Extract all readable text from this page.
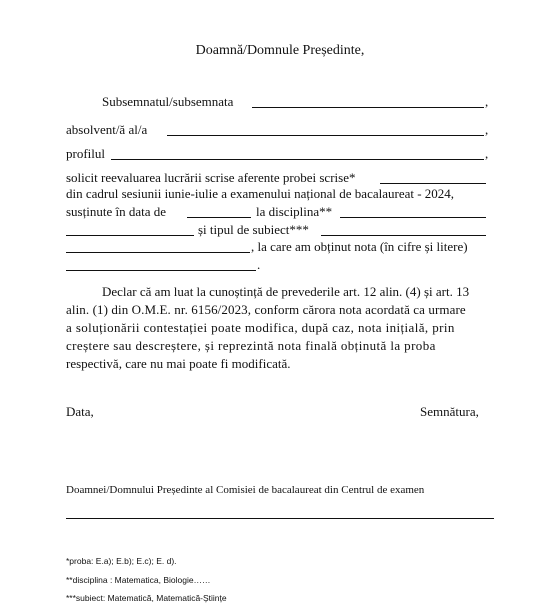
Doamnă/Domnule Președinte,
Subsemnatul/subsemnata	,
absolvent/ă al/a	,
profilul	,
solicit reevaluarea lucrării scrise aferente probei scrise*
din cadrul sesiunii iunie-iulie a examenului național de bacalaureat - 2024,
susținute în data de	la disciplina**
și tipul de subiect***
, la care am obținut nota (în cifre și litere)
.
Declar că am luat la cunoștință de prevederile art. 12 alin. (4) și art. 13
alin. (1) din O.M.E. nr. 6156/2023, conform cărora nota acordată ca urmare
a soluționării contestației poate modifica, după caz, nota inițială, prin
creștere sau descreștere, și reprezintă nota finală obținută la proba
respectivă, care nu mai poate fi modificată.
Data,	Semnătura,
Doamnei/Domnului Președinte al Comisiei de bacalaureat din Centrul de examen
*proba: E.a); E.b); E.c); E. d).
**disciplina : Matematica, Biologie……
***subiect: Matematică, Matematică-Științe
